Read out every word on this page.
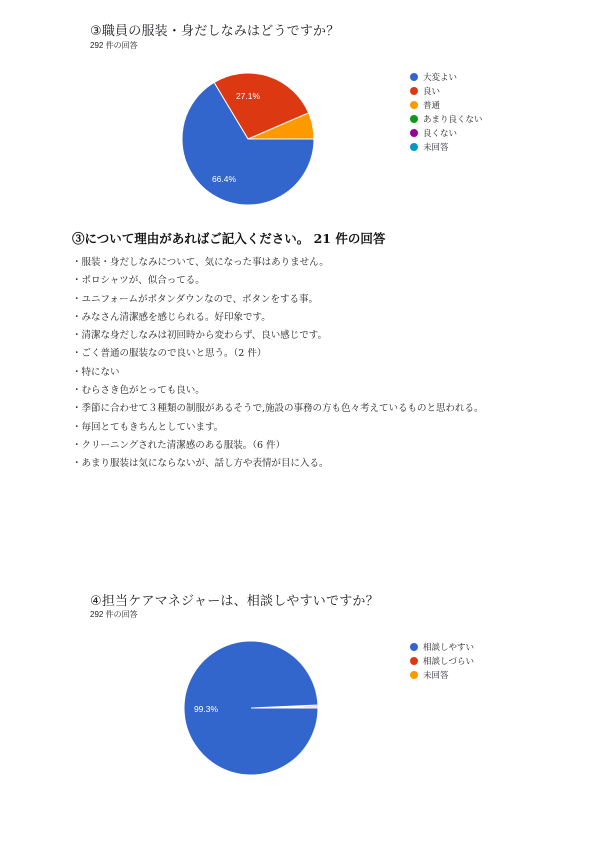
③職員の服装・身だしなみはどうですか？
292 件の回答
27.1%
66.4%
大変よい
良い
普通
あまり良くない
良くない
未回答
③について理由があればご記入ください。 21 件の回答
・服装・身だしなみについて、気になった事はありません。
・ポロシャツが、似合ってる。
・ユニフォームがボタンダウンなので、ボタンをする事。
・みなさん清潔感を感じられる。好印象です。
・清潔な身だしなみは初回時から変わらず、良い感じです。
・ごく普通の服装なので良いと思う。（2 件）
・特にない
・むらさき色がとっても良い。
・季節に合わせて３種類の制服があるそうで,施設の事務の方も色々考えているものと思われる。
・毎回とてもきちんとしています。
・クリーニングされた清潔感のある服装。（6 件）
・あまり服装は気にならないが、話し方や表情が目に入る。
④担当ケアマネジャーは、相談しやすいですか？
292 件の回答
99.3%
相談しやすい
相談しづらい
未回答
